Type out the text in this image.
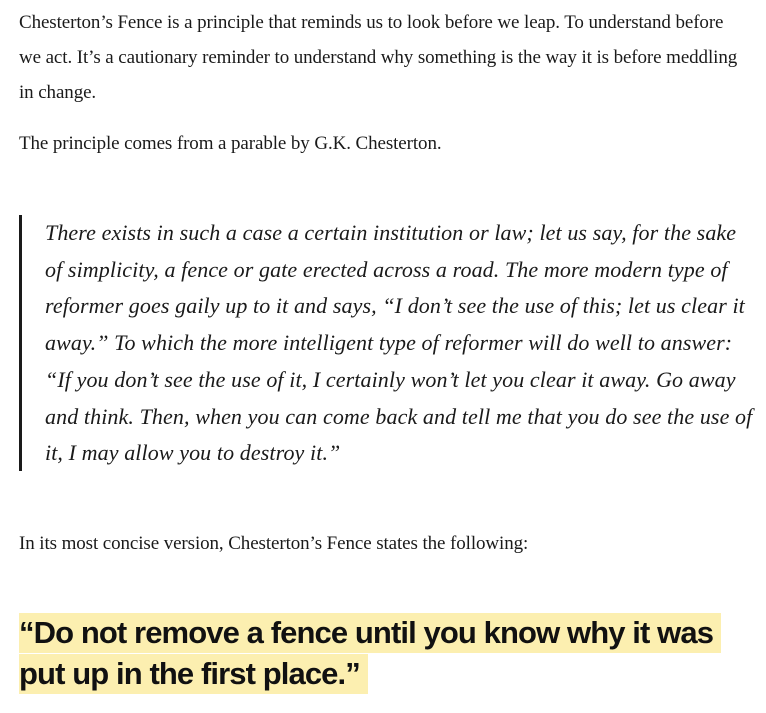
Chesterton’s Fence is a principle that reminds us to look before we leap. To understand before we act. It’s a cautionary reminder to understand why something is the way it is before meddling in change.

The principle comes from a parable by G.K. Chesterton.

There exists in such a case a certain institution or law; let us say, for the sake of simplicity, a fence or gate erected across a road. The more modern type of reformer goes gaily up to it and says, “I don’t see the use of this; let us clear it away.” To which the more intelligent type of reformer will do well to answer: “If you don’t see the use of it, I certainly won’t let you clear it away. Go away and think. Then, when you can come back and tell me that you do see the use of it, I may allow you to destroy it.”

In its most concise version, Chesterton’s Fence states the following:

“Do not remove a fence until you know why it was put up in the first place.”
